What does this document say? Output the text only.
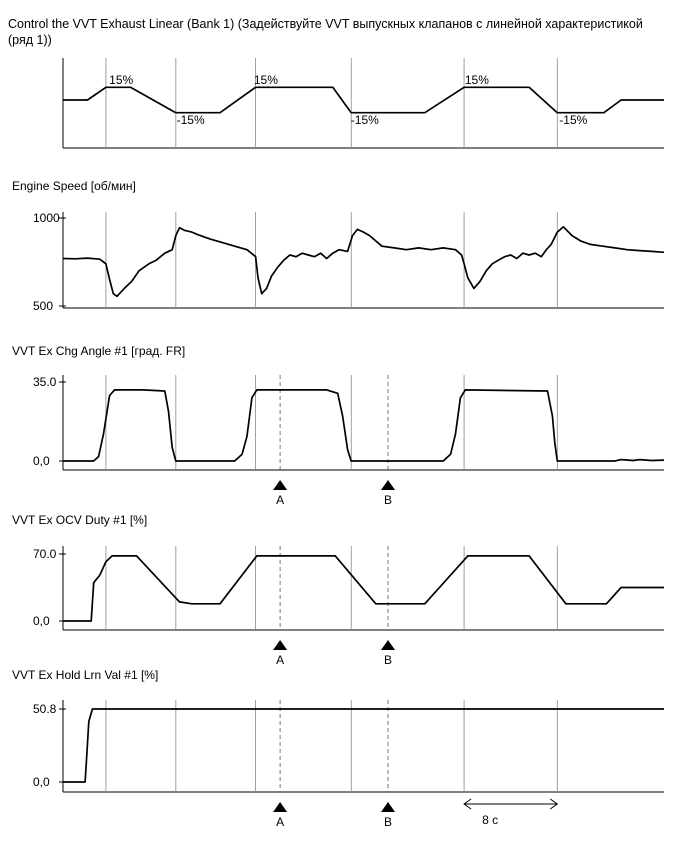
Control the VVT Exhaust Linear (Bank 1) (Задействуйте VVT выпускных клапанов с линейной характеристикой (ряд 1))
15%
-15%
15%
-15%
15%
-15%
Engine Speed [об/мин]
1000
500
VVT Ex Chg Angle #1 [град. FR]
35.0
0,0
A	B
VVT Ex OCV Duty #1 [%]
70.0
0,0
A	B
VVT Ex Hold Lrn Val #1 [%]
50.8
0,0
A	B	8 с
